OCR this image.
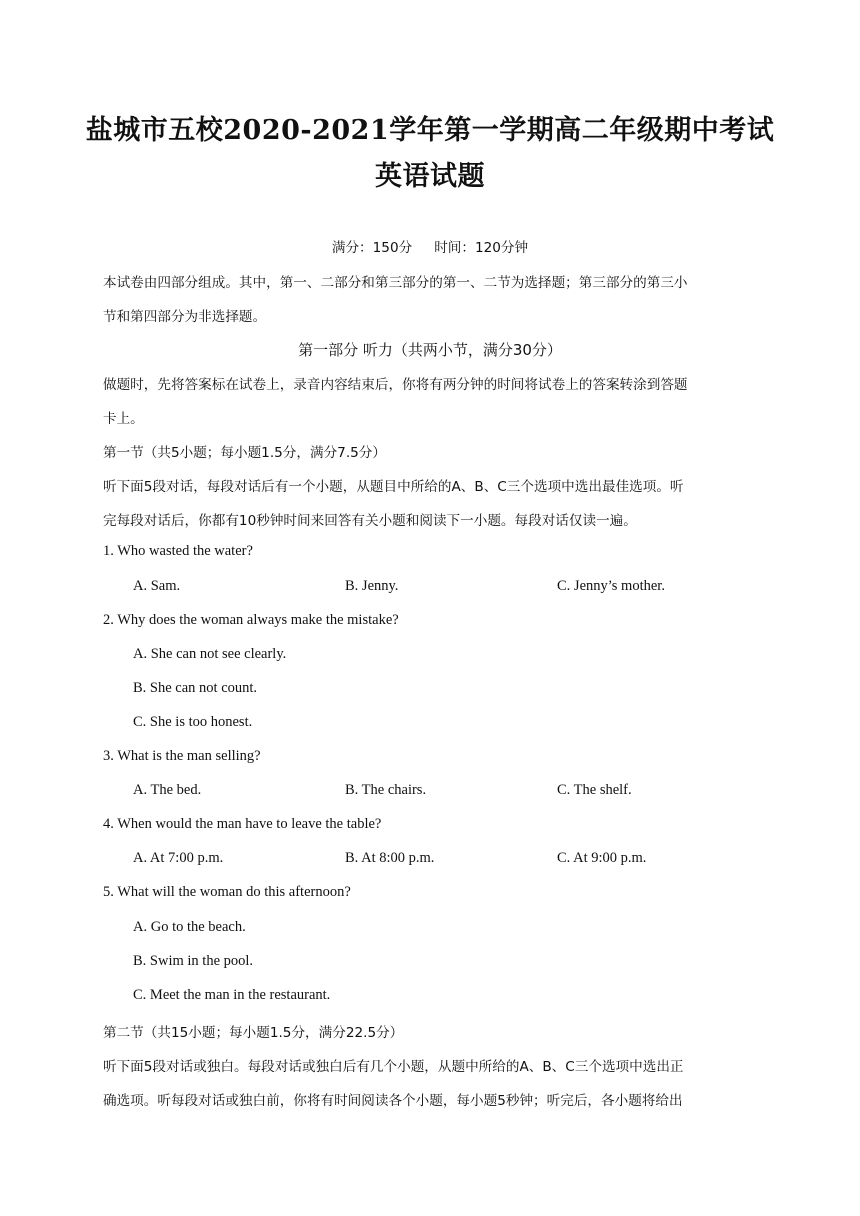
盐城市五校2020-2021学年第一学期高二年级期中考试
英语试题
满分：150分 时间：120分钟
本试卷由四部分组成。其中，第一、二部分和第三部分的第一、二节为选择题；第三部分的第三小
节和第四部分为非选择题。
第一部分 听力（共两小节，满分30分）
做题时，先将答案标在试卷上，录音内容结束后，你将有两分钟的时间将试卷上的答案转涂到答题
卡上。
第一节（共5小题；每小题1.5分，满分7.5分）
听下面5段对话，每段对话后有一个小题，从题目中所给的A、B、C三个选项中选出最佳选项。听
完每段对话后，你都有10秒钟时间来回答有关小题和阅读下一小题。每段对话仅读一遍。
1. Who wasted the water?
A. Sam.	B. Jenny.	C. Jenny’s mother.
2. Why does the woman always make the mistake?
A. She can not see clearly.
B. She can not count.
C. She is too honest.
3. What is the man selling?
A. The bed.	B. The chairs.	C. The shelf.
4. When would the man have to leave the table?
A. At 7:00 p.m.	B. At 8:00 p.m.	C. At 9:00 p.m.
5. What will the woman do this afternoon?
A. Go to the beach.
B. Swim in the pool.
C. Meet the man in the restaurant.
第二节（共15小题；每小题1.5分，满分22.5分）
听下面5段对话或独白。每段对话或独白后有几个小题，从题中所给的A、B、C三个选项中选出正
确选项。听每段对话或独白前，你将有时间阅读各个小题，每小题5秒钟；听完后，各小题将给出
